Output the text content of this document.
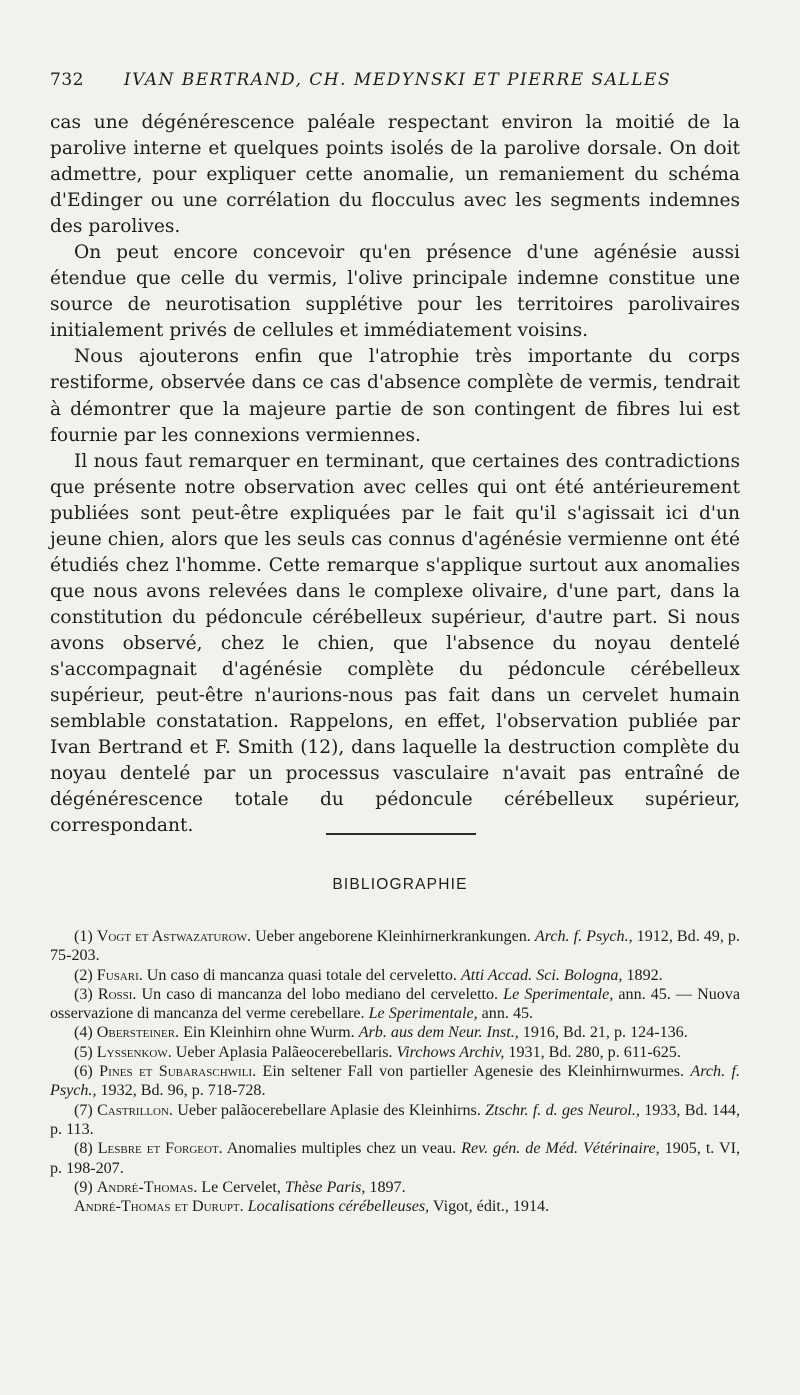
732 IVAN BERTRAND, CH. MEDYNSKI ET PIERRE SALLES

cas une dégénérescence paléale respectant environ la moitié de la parolive interne et quelques points isolés de la parolive dorsale. On doit admettre, pour expliquer cette anomalie, un remaniement du schéma d'Edinger ou une corrélation du flocculus avec les segments indemnes des parolives.

On peut encore concevoir qu'en présence d'une agénésie aussi étendue que celle du vermis, l'olive principale indemne constitue une source de neurotisation supplétive pour les territoires parolivaires initialement privés de cellules et immédiatement voisins.

Nous ajouterons enfin que l'atrophie très importante du corps restiforme, observée dans ce cas d'absence complète de vermis, tendrait à démontrer que la majeure partie de son contingent de fibres lui est fournie par les connexions vermiennes.

Il nous faut remarquer en terminant, que certaines des contradictions que présente notre observation avec celles qui ont été antérieurement publiées sont peut-être expliquées par le fait qu'il s'agissait ici d'un jeune chien, alors que les seuls cas connus d'agénésie vermienne ont été étudiés chez l'homme. Cette remarque s'applique surtout aux anomalies que nous avons relevées dans le complexe olivaire, d'une part, dans la constitution du pédoncule cérébelleux supérieur, d'autre part. Si nous avons observé, chez le chien, que l'absence du noyau dentelé s'accompagnait d'agénésie complète du pédoncule cérébelleux supérieur, peut-être n'aurions-nous pas fait dans un cervelet humain semblable constatation. Rappelons, en effet, l'observation publiée par Ivan Bertrand et F. Smith (12), dans laquelle la destruction complète du noyau dentelé par un processus vasculaire n'avait pas entraîné de dégénérescence totale du pédoncule cérébelleux supérieur, correspondant.

BIBLIOGRAPHIE
(1) Vogt et Astwazaturow. Ueber angeborene Kleinhirnerkrankungen. Arch. f. Psych., 1912, Bd. 49, p. 75-203.
(2) Fusari. Un caso di mancanza quasi totale del cerveletto. Atti Accad. Sci. Bologna, 1892.
(3) Rossi. Un caso di mancanza del lobo mediano del cerveletto. Le Sperimentale, ann. 45. — Nuova osservazione di mancanza del verme cerebellare. Le Sperimentale, ann. 45.
(4) Obersteiner. Ein Kleinhirn ohne Wurm. Arb. aus dem Neur. Inst., 1916, Bd. 21, p. 124-136.
(5) Lyssenkow. Ueber Aplasia Palãeocerebellaris. Virchows Archiv, 1931, Bd. 280, p. 611-625.
(6) Pines et Subaraschwili. Ein seltener Fall von partieller Agenesie des Kleinhirnwurmes. Arch. f. Psych., 1932, Bd. 96, p. 718-728.
(7) Castrillon. Ueber palãocerebellare Aplasie des Kleinhirns. Ztschr. f. d. ges Neurol., 1933, Bd. 144, p. 113.
(8) Lesbre et Forgeot. Anomalies multiples chez un veau. Rev. gén. de Méd. Vétérinaire, 1905, t. VI, p. 198-207.
(9) André-Thomas. Le Cervelet, Thèse Paris, 1897.
André-Thomas et Durupt. Localisations cérébelleuses, Vigot, édit., 1914.
